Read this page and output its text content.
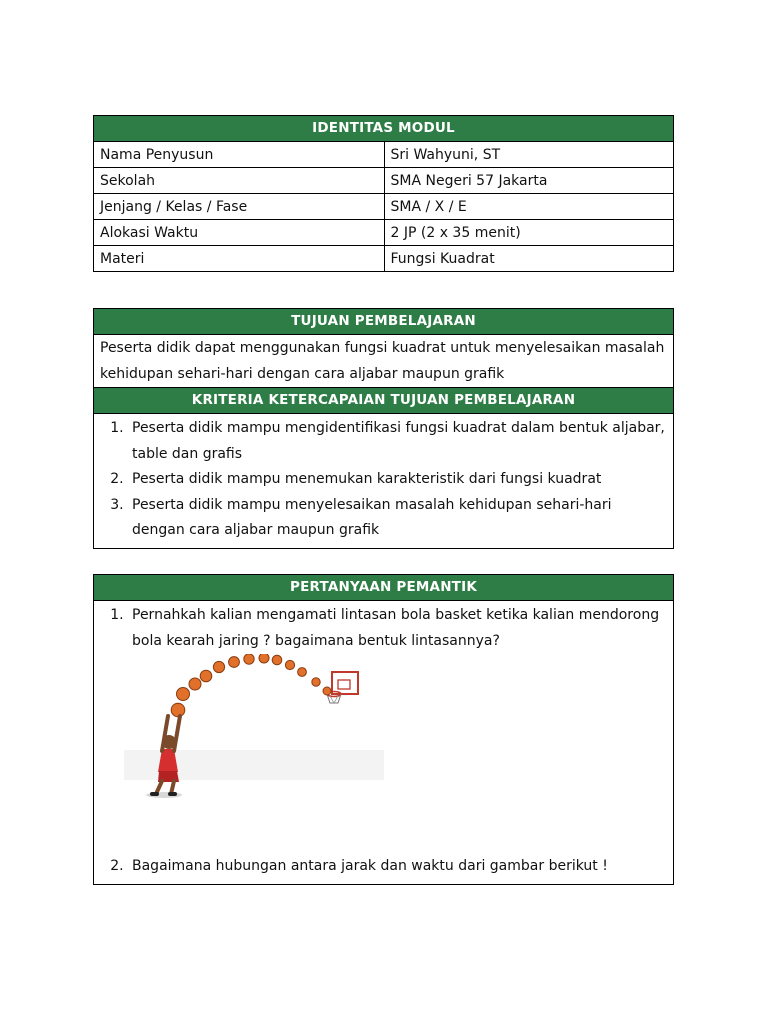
IDENTITAS MODUL
Nama Penyusun	Sri Wahyuni, ST
Sekolah	SMA Negeri 57 Jakarta
Jenjang / Kelas / Fase	SMA / X / E
Alokasi Waktu	2 JP (2 x 35 menit)
Materi	Fungsi Kuadrat
TUJUAN PEMBELAJARAN
Peserta didik dapat menggunakan fungsi kuadrat untuk menyelesaikan masalah kehidupan sehari-hari dengan cara aljabar maupun grafik
KRITERIA KETERCAPAIAN TUJUAN PEMBELAJARAN
1. Peserta didik mampu mengidentifikasi fungsi kuadrat dalam bentuk aljabar, table dan grafis
2. Peserta didik mampu menemukan karakteristik dari fungsi kuadrat
3. Peserta didik mampu menyelesaikan masalah kehidupan sehari-hari dengan cara aljabar maupun grafik
PERTANYAAN PEMANTIK
1. Pernahkah kalian mengamati lintasan bola basket ketika kalian mendorong bola kearah jaring ? bagaimana bentuk lintasannya?
2. Bagaimana hubungan antara jarak dan waktu dari gambar berikut !
